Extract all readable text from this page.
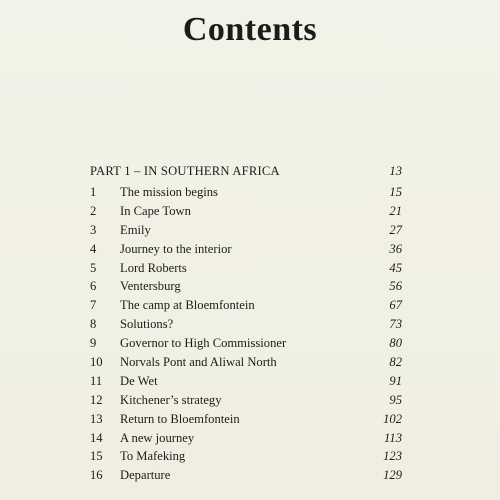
Contents
PART 1 – IN SOUTHERN AFRICA	13
1	The mission begins	15
2	In Cape Town	21
3	Emily	27
4	Journey to the interior	36
5	Lord Roberts	45
6	Ventersburg	56
7	The camp at Bloemfontein	67
8	Solutions?	73
9	Governor to High Commissioner	80
10	Norvals Pont and Aliwal North	82
11	De Wet	91
12	Kitchener’s strategy	95
13	Return to Bloemfontein	102
14	A new journey	113
15	To Mafeking	123
16	Departure	129
